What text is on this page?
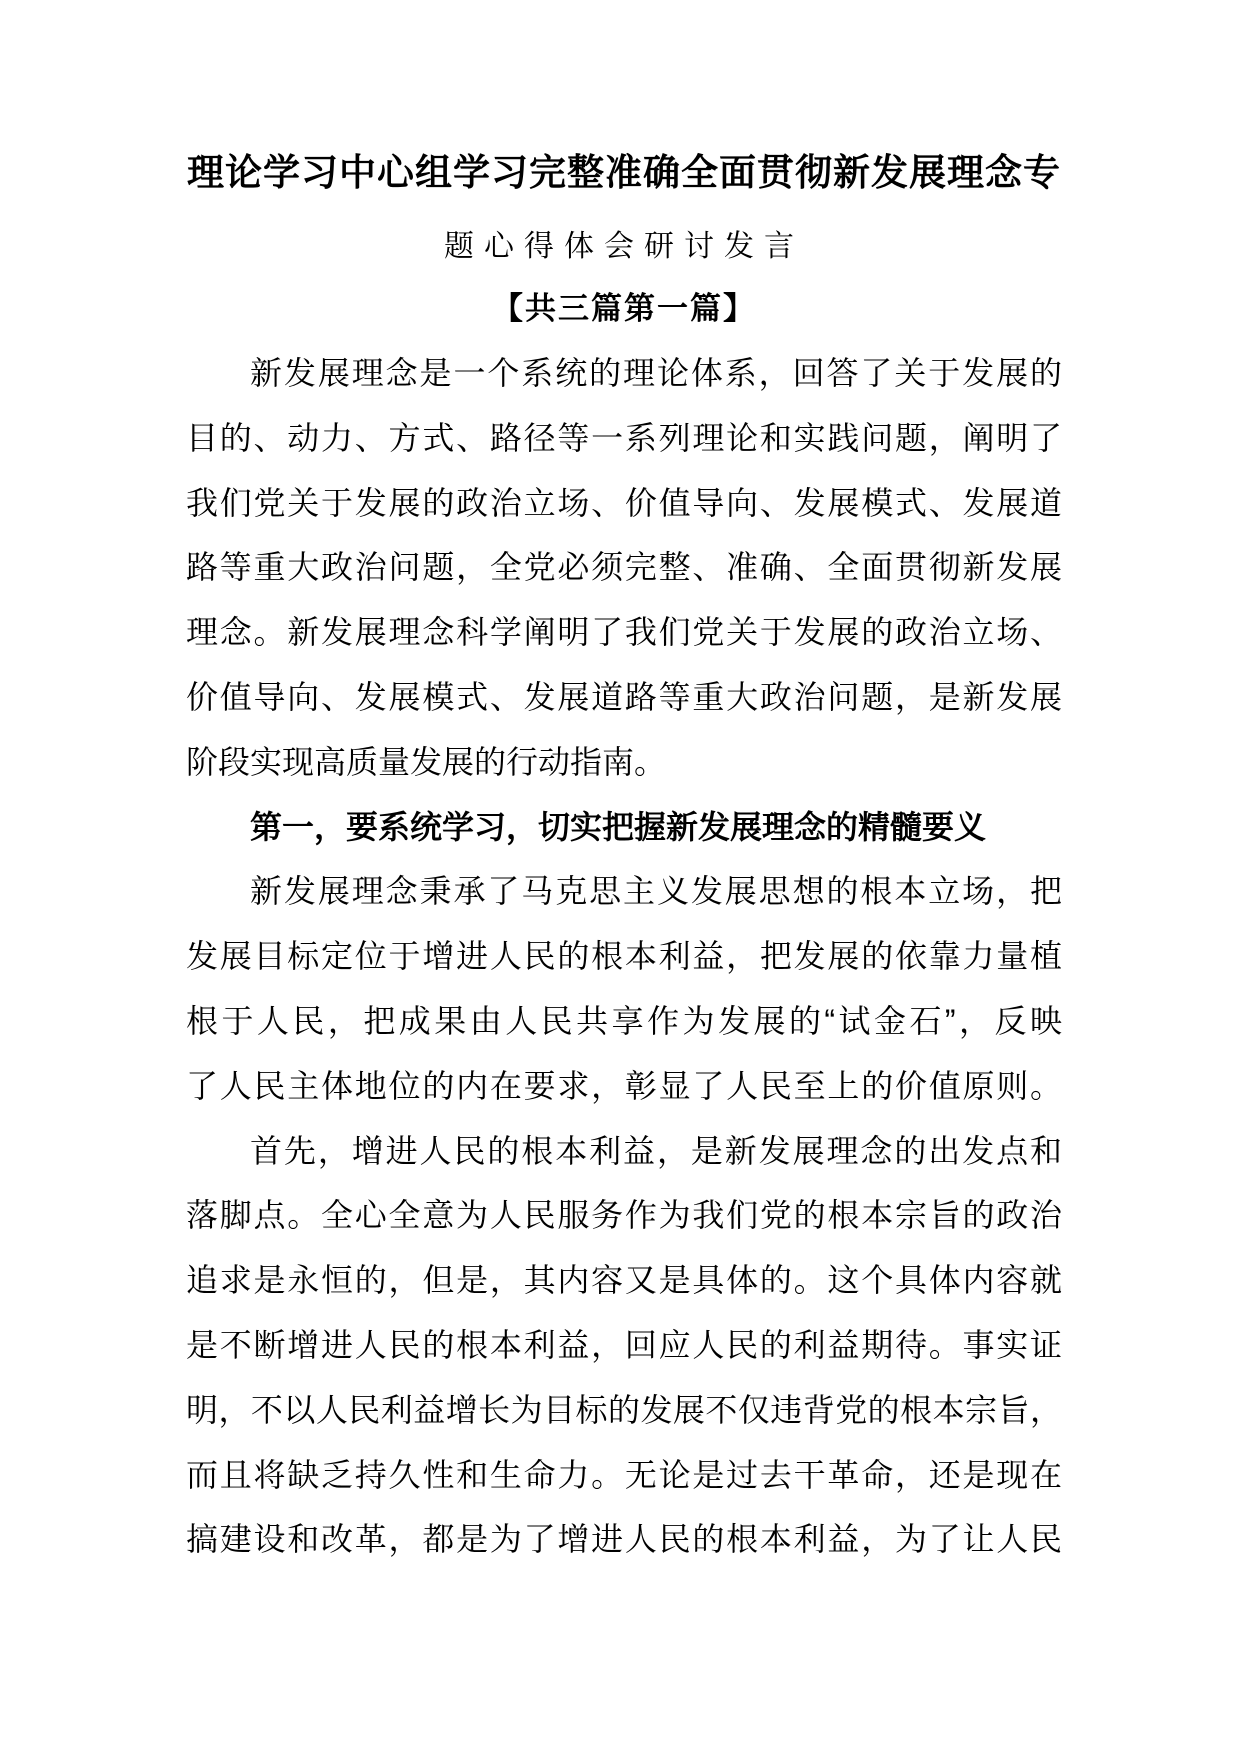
理论学习中心组学习完整准确全面贯彻新发展理念专
题心得体会研讨发言
【共三篇第一篇】
新发展理念是一个系统的理论体系，回答了关于发展的
目的、动力、方式、路径等一系列理论和实践问题，阐明了
我们党关于发展的政治立场、价值导向、发展模式、发展道
路等重大政治问题，全党必须完整、准确、全面贯彻新发展
理念。新发展理念科学阐明了我们党关于发展的政治立场、
价值导向、发展模式、发展道路等重大政治问题，是新发展
阶段实现高质量发展的行动指南。
第一，要系统学习，切实把握新发展理念的精髓要义
新发展理念秉承了马克思主义发展思想的根本立场，把
发展目标定位于增进人民的根本利益，把发展的依靠力量植
根于人民，把成果由人民共享作为发展的“试金石”，反映
了人民主体地位的内在要求，彰显了人民至上的价值原则。
首先，增进人民的根本利益，是新发展理念的出发点和
落脚点。全心全意为人民服务作为我们党的根本宗旨的政治
追求是永恒的，但是，其内容又是具体的。这个具体内容就
是不断增进人民的根本利益，回应人民的利益期待。事实证
明，不以人民利益增长为目标的发展不仅违背党的根本宗旨，
而且将缺乏持久性和生命力。无论是过去干革命，还是现在
搞建设和改革，都是为了增进人民的根本利益，为了让人民
